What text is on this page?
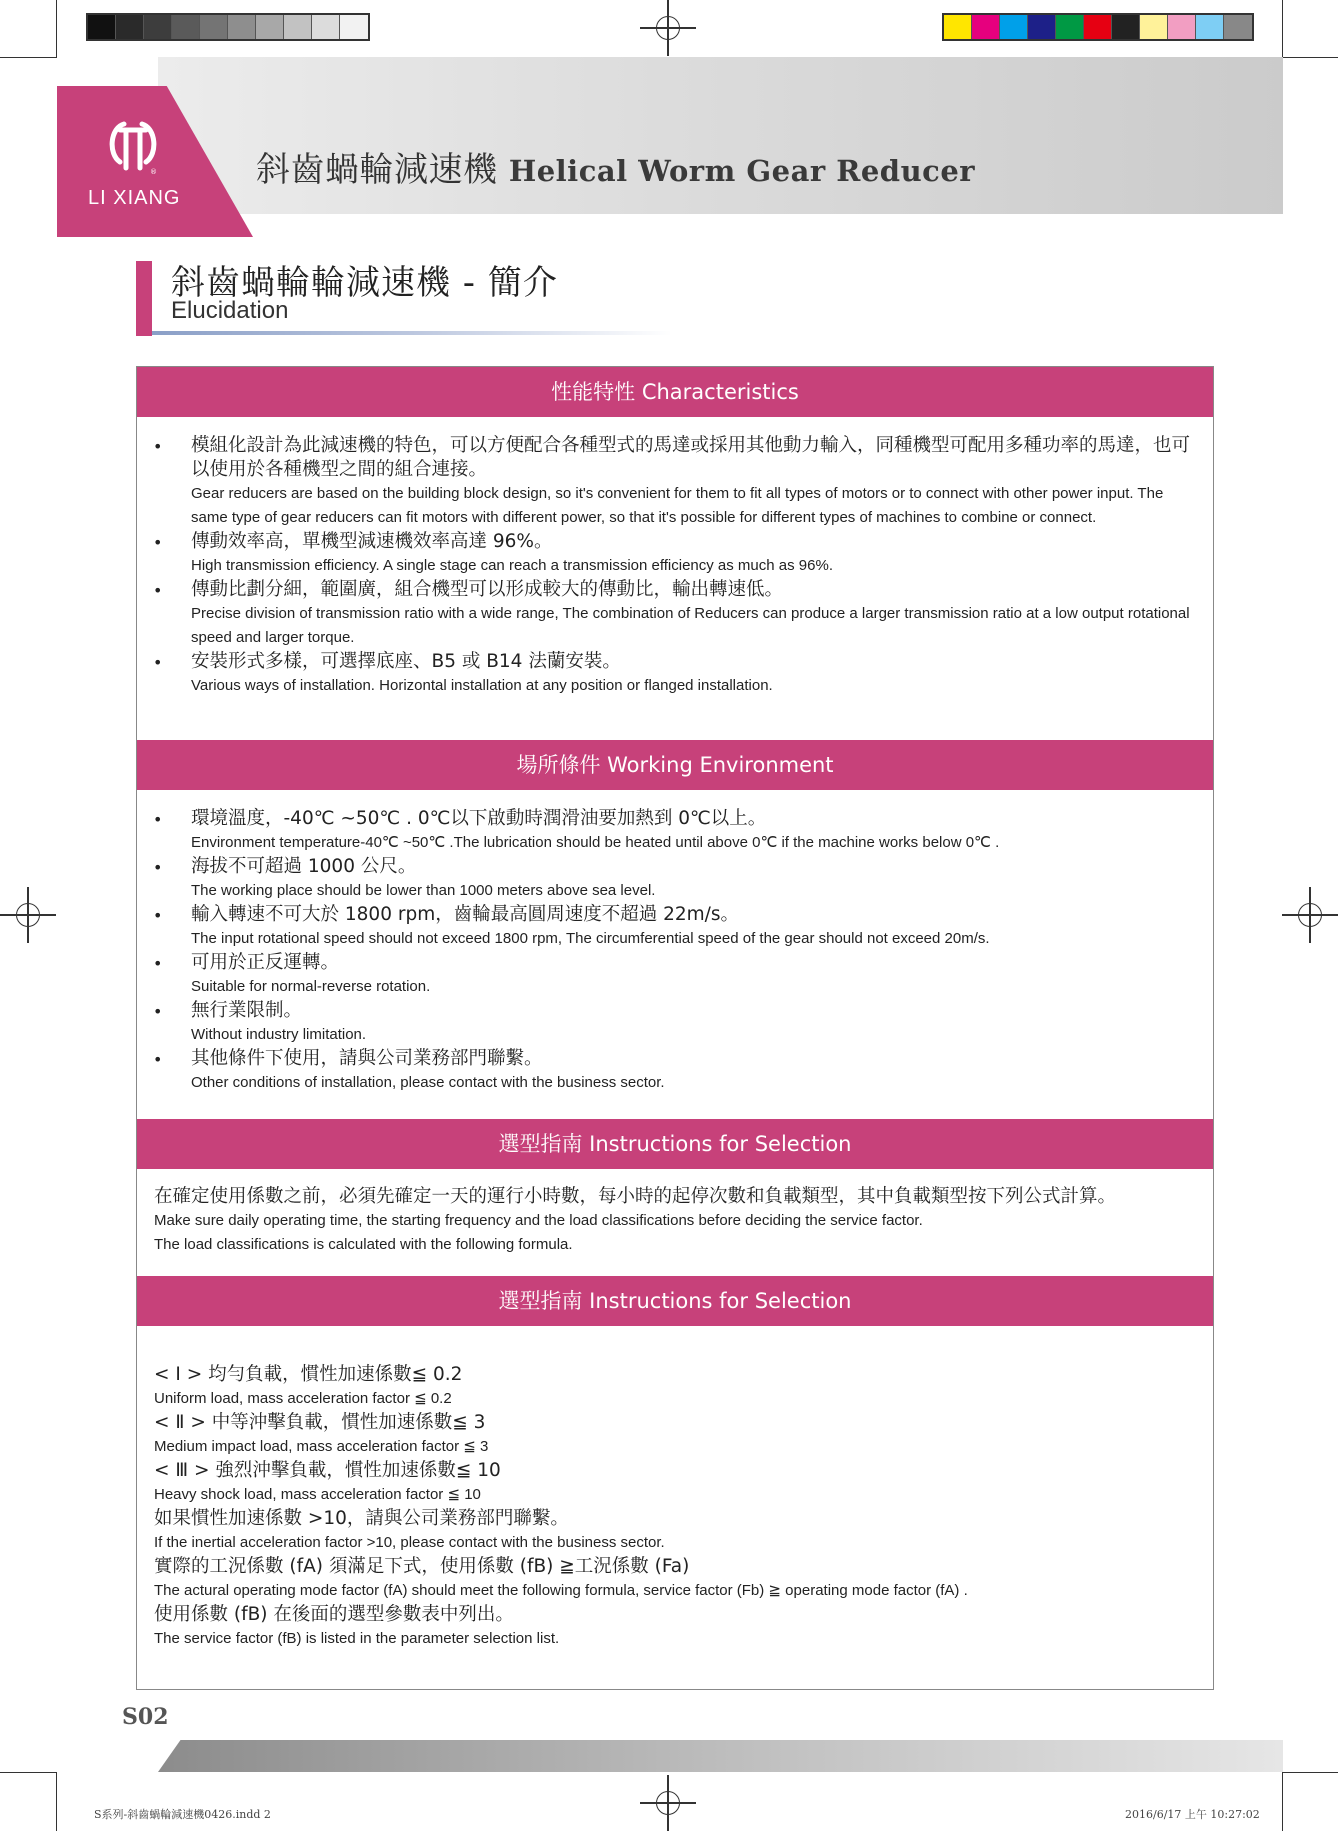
®
LI XIANG
斜齒蝸輪減速機 Helical Worm Gear Reducer
斜齒蝸輪輪減速機 - 簡介
Elucidation
性能特性 Characteristics
• 模組化設計為此減速機的特色，可以方便配合各種型式的馬達或採用其他動力輸入，同種機型可配用多種功率的馬達，也可以使用於各種機型之間的組合連接。
Gear reducers are based on the building block design, so it's convenient for them to fit all types of motors or to connect with other power input. The same type of gear reducers can fit motors with different power, so that it's possible for different types of machines to combine or connect.
• 傳動效率高，單機型減速機效率高達 96%。
High transmission efficiency. A single stage can reach a transmission efficiency as much as 96%.
• 傳動比劃分細，範圍廣，組合機型可以形成較大的傳動比，輸出轉速低。
Precise division of transmission ratio with a wide range, The combination of Reducers can produce a larger transmission ratio at a low output rotational speed and larger torque.
• 安裝形式多樣，可選擇底座、B5 或 B14 法蘭安裝。
Various ways of installation. Horizontal installation at any position or flanged installation.
場所條件 Working Environment
• 環境溫度，-40℃ ~50℃ . 0℃以下啟動時潤滑油要加熱到 0℃以上。
Environment temperature-40℃ ~50℃ .The lubrication should be heated until above 0℃ if the machine works below 0℃ .
• 海拔不可超過 1000 公尺。
The working place should be lower than 1000 meters above sea level.
• 輸入轉速不可大於 1800 rpm，齒輪最高圓周速度不超過 22m/s。
The input rotational speed should not exceed 1800 rpm, The circumferential speed of the gear should not exceed 20m/s.
• 可用於正反運轉。
Suitable for normal-reverse rotation.
• 無行業限制。
Without industry limitation.
• 其他條件下使用，請與公司業務部門聯繫。
Other conditions of installation, please contact with the business sector.
選型指南 Instructions for Selection
在確定使用係數之前，必須先確定一天的運行小時數，每小時的起停次數和負載類型，其中負載類型按下列公式計算。
Make sure daily operating time, the starting frequency and the load classifications before deciding the service factor.
The load classifications is calculated with the following formula.
選型指南 Instructions for Selection
< Ⅰ > 均勻負載，慣性加速係數≦ 0.2
Uniform load, mass acceleration factor ≦ 0.2
< Ⅱ > 中等沖擊負載，慣性加速係數≦ 3
Medium impact load, mass acceleration factor ≦ 3
< Ⅲ > 強烈沖擊負載，慣性加速係數≦ 10
Heavy shock load, mass acceleration factor ≦ 10
如果慣性加速係數 >10，請與公司業務部門聯繫。
If the inertial acceleration factor >10, please contact with the business sector.
實際的工況係數 (fA) 須滿足下式，使用係數 (fB) ≧工況係數 (Fa)
The actural operating mode factor (fA) should meet the following formula, service factor (Fb) ≧ operating mode factor (fA) .
使用係數 (fB) 在後面的選型參數表中列出。
The service factor (fB) is listed in the parameter selection list.
S02
S系列-斜齒蝸輪減速機0426.indd 2	2016/6/17 上午 10:27:02
